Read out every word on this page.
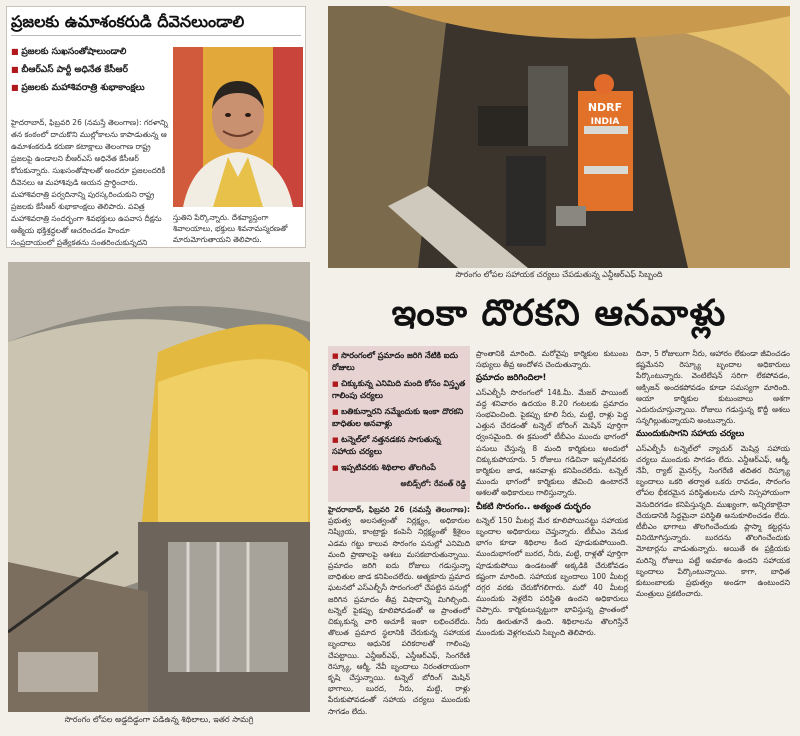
ప్రజలకు ఉమాశంకరుడి దీవెనలుండాలి
■ ప్రజలకు సుఖసంతోషాలుండాలి
■ బీఆర్ఎస్ పార్టీ అధినేత కేసీఆర్
■ ప్రజలకు మహాశివరాత్రి శుభాకాంక్షలు
హైదరాబాద్, ఫిబ్రవరి 26 (నమస్తే తెలంగాణ): గరళాన్ని తన కంఠంలో దాచుకొని ముల్లోకాలను కాపాడుతున్న ఆ ఉమాశంకరుడి కరుణా కటాక్షాలు తెలంగాణ రాష్ట్ర ప్రజలపై ఉండాలని బీఆర్ఎస్ అధినేత కేసీఆర్ కోరుకున్నారు. సుఖసంతోషాలతో అందరూ ప్రజలందరికీ దీవెనలు ఆ మహాశివుడి ఆయన ప్రార్థించారు. మహాశివరాత్రి పర్వదినాన్ని పురస్కరించుకుని రాష్ట్ర ప్రజలకు కేసీఆర్ శుభాకాంక్షలు తెలిపారు. పవిత్ర మహాశివరాత్రి సందర్భంగా శివభక్తులు ఉపవాస దీక్షను ఆత్మీయ భక్తిశ్రద్ధలతో ఆచరించడం హిందూ సంప్రదాయంలో ప్రత్యేకతను సంతరించుకున్నదని
స్తుతిని పేర్కొన్నారు. దేశవ్యాప్తంగా శివాలయాలు, భక్తులు శివనామస్మరణతో మారుమోగుతాయని తెలిపారు.
NDRF
INDIA
సొరంగం లోపల సహాయక చర్యలు చేపడుతున్న ఎన్డీఆర్ఎఫ్ సిబ్బంది
ఇంకా దొరకని ఆనవాళ్లు
సొరంగం లోపల అడ్డదిడ్డంగా పడిఉన్న శిథిలాలు, ఇతర సామగ్రి
■ సొరంగంలో ప్రమాదం జరిగి నేటికి ఐదు రోజులు
■ చిక్కుకున్న ఎనిమిది మంది కోసం విస్తృత గాలింపు చర్యలు
■ బతికున్నారని నమ్మేందుకు ఇంకా దొరకని బాధితుల ఆనవాళ్లు
■ టన్నెల్‌లో నత్తనడకన సాగుతున్న సహాయ చర్యలు
■ ఇప్పటివరకు శిథిలాల తొలగింపే
అబిడ్స్‌లో: రేవంత్ రెడ్డి
హైదరాబాద్, ఫిబ్రవరి 26 (నమస్తే తెలంగాణ): ప్రభుత్వ అలసత్వంతో నిర్లక్ష్యం, అధికారుల నిష్క్రియ, కాంట్రాక్టు కంపెనీ నిర్లక్ష్యంతో శ్రీశైలం ఎడమ గట్టు కాలువ సొరంగం పనుల్లో ఎనిమిది మంది ప్రాణాలపై ఆశలు మసకబారుతున్నాయి. ప్రమాదం జరిగి ఐదు రోజులు గడుస్తున్నా బాధితుల జాడ కనిపించలేదు. ఆత్మకూరు ప్రమాద ఘటనలో ఎస్ఎల్బీసీ సొరంగంలో చేపట్టిన పనుల్లో జరిగిన ప్రమాదం తీవ్ర విషాదాన్ని మిగిల్చింది. టన్నెల్ పైకప్పు కూలిపోవడంతో ఆ ప్రాంతంలో చిక్కుకున్న వారి ఆచూకీ ఇంకా లభించలేదు. తొలుత ప్రమాద స్థలానికి చేరుకున్న సహాయక బృందాలు ఆధునిక పరికరాలతో గాలింపు చేపట్టాయి. ఎన్డీఆర్ఎఫ్, ఎస్డీఆర్ఎఫ్, సింగరేణి రెస్క్యూ, ఆర్మీ, నేవీ బృందాలు నిరంతరాయంగా కృషి చేస్తున్నాయి. టన్నెల్ బోరింగ్ మెషిన్ భాగాలు, బురద, నీరు, మట్టి, రాళ్లు పేరుకుపోవడంతో సహాయ చర్యలు ముందుకు సాగడం లేదు.
ప్రాంతానికి మారింది. మరోవైపు కార్మికుల కుటుంబ సభ్యులు తీవ్ర ఆందోళన చెందుతున్నారు.
ప్రమాదం జరిగిందిలా!
ఎస్ఎల్బీసీ సొరంగంలో 14కి.మీ. మేజర్ పాయింట్ వద్ద శనివారం ఉదయం 8.20 గంటలకు ప్రమాదం సంభవించింది. పైకప్పు కూలి నీరు, మట్టి, రాళ్లు పెద్ద ఎత్తున చేరడంతో టన్నెల్ బోరింగ్ మెషిన్ పూర్తిగా ధ్వంసమైంది. ఈ క్రమంలో టీబీఎం ముందు భాగంలో పనులు చేస్తున్న 8 మంది కార్మికులు అందులో చిక్కుకుపోయారు. 5 రోజులు గడిచినా ఇప్పటివరకు కార్మికుల జాడ, ఆనవాళ్లు కనిపించలేదు. టన్నెల్ ముందు భాగంలో కార్మికులు జీవించి ఉంటారనే ఆశలతో అధికారులు గాలిస్తున్నారు.
చీకటి సొరంగం.. అత్యంత దుర్భరం
టన్నెల్ 150 మీటర్ల మేర కూలిపోయినట్టు సహాయక బృందాల అధికారులు చెప్తున్నారు. టీబీఎం వెనుక భాగం కూడా శిథిలాల కింద పూడుకుపోయింది. ముందుభాగంలో బురద, నీరు, మట్టి, రాళ్లతో పూర్తిగా పూడుకుపోయి ఉండటంతో అక్కడికి చేరుకోవడం కష్టంగా మారింది. సహాయక బృందాలు 100 మీటర్ల దగ్గర వరకు చేరుకోగలిగారు. మరో 40 మీటర్ల ముందుకు వెళ్లలేని పరిస్థితి ఉందని అధికారులు చెప్పారు. కార్మికులున్నట్టుగా భావిస్తున్న ప్రాంతంలో నీరు ఊరుతూనే ఉంది. శిథిలాలను తొలగిస్తేనే ముందుకు వెళ్లగలమని సిబ్బంది తెలిపారు.
దినా, 5 రోజులుగా నీరు, ఆహారం లేకుండా జీవించడం కష్టమేనని రెస్క్యూ బృందాల అధికారులు పేర్కొంటున్నారు. వెంటిలేషన్ సరిగా లేకపోవడం, ఆక్సిజన్ అందకపోవడం కూడా సమస్యగా మారింది. ఆయా కార్మికుల కుటుంబాలు ఆశగా ఎదురుచూస్తున్నాయి. రోజులు గడుస్తున్న కొద్దీ ఆశలు సన్నగిల్లుతున్నాయని అంటున్నారు.
ముందుకుసాగని సహాయ చర్యలు
ఎస్ఎల్బీసీ టన్నెల్‌లో న్యాచుర్ మెషిన్ల సహాయ చర్యలు ముందుకు సాగడం లేదు. ఎన్డీఆర్ఎఫ్, ఆర్మీ, నేవీ, ర్యాట్ మైనర్స్, సింగరేణి తదితర రెస్క్యూ బృందాలు ఒకరి తర్వాత ఒకరు రావడం, సొరంగం లోపల భీకరమైన పరిస్థితులను చూసి నిస్సహాయంగా వెనుదిరగడం కనిపిస్తున్నది. ముఖ్యంగా, అన్నిరకాలైనా చేయడానికి సిద్ధమైనా పరిస్థితి అనుకూలించడం లేదు. టీబీఎం భాగాలు తొలగించేందుకు ప్లాస్మా కట్టర్లను వినియోగిస్తున్నారు. బురదను తొలగించేందుకు మోటార్లను వాడుతున్నారు. అయితే ఈ ప్రక్రియకు మరిన్ని రోజులు పట్టే అవకాశం ఉందని సహాయక బృందాలు పేర్కొంటున్నాయి. కాగా, బాధిత కుటుంబాలకు ప్రభుత్వం అండగా ఉంటుందని మంత్రులు ప్రకటించారు.
